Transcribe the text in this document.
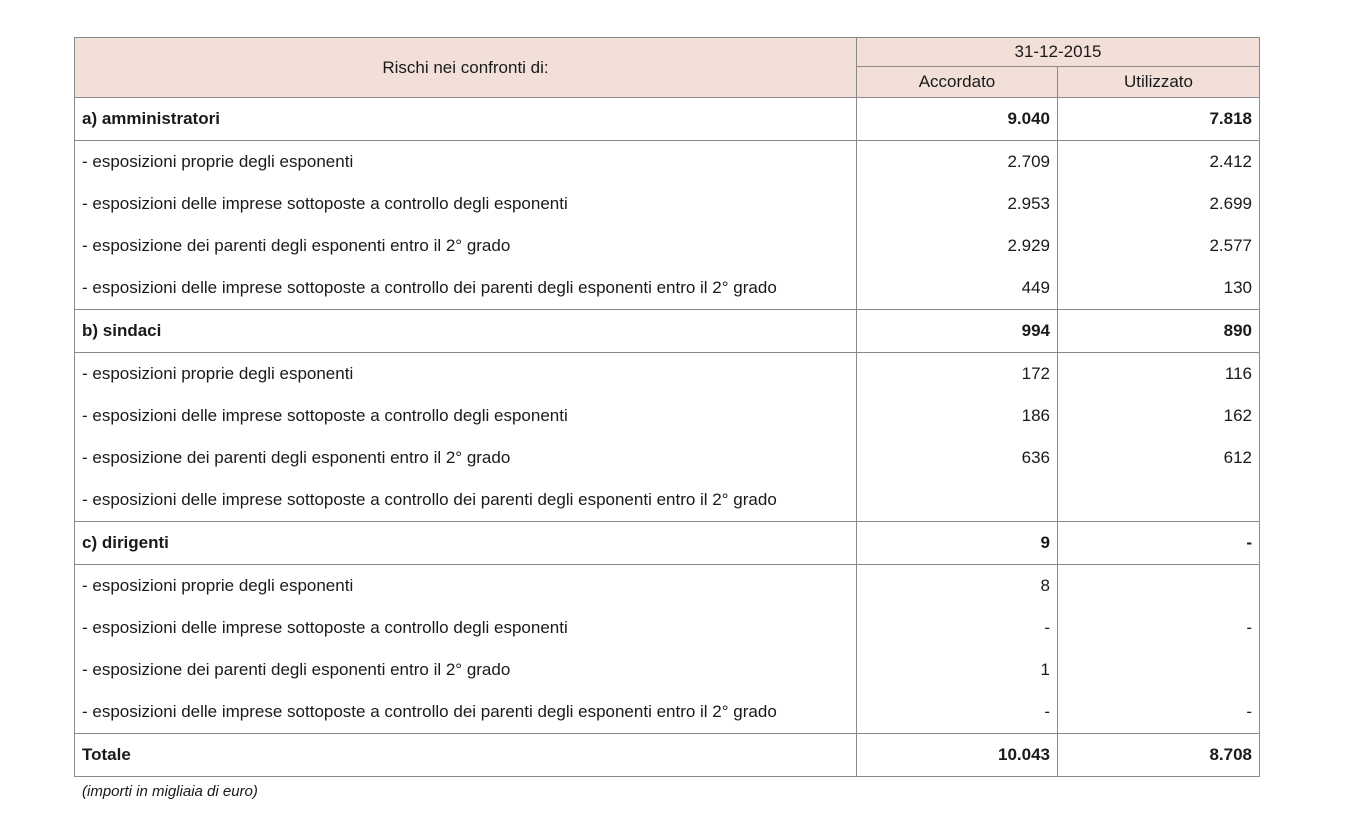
Rischi nei confronti di:	31-12-2015	
	Accordato	Utilizzato
a) amministratori	9.040	7.818
- esposizioni proprie degli esponenti	2.709	2.412
- esposizioni delle imprese sottoposte a controllo degli esponenti	2.953	2.699
- esposizione dei parenti degli esponenti entro il 2° grado	2.929	2.577
- esposizioni delle imprese sottoposte a controllo dei parenti degli esponenti entro il 2° grado	449	130
b) sindaci	994	890
- esposizioni proprie degli esponenti	172	116
- esposizioni delle imprese sottoposte a controllo degli esponenti	186	162
- esposizione dei parenti degli esponenti entro il 2° grado	636	612
- esposizioni delle imprese sottoposte a controllo dei parenti degli esponenti entro il 2° grado		
c) dirigenti	9	-
- esposizioni proprie degli esponenti	8	
- esposizioni delle imprese sottoposte a controllo degli esponenti	-	-
- esposizione dei parenti degli esponenti entro il 2° grado	1	
- esposizioni delle imprese sottoposte a controllo dei parenti degli esponenti entro il 2° grado	-	-
Totale	10.043	8.708
(importi in migliaia di euro)
